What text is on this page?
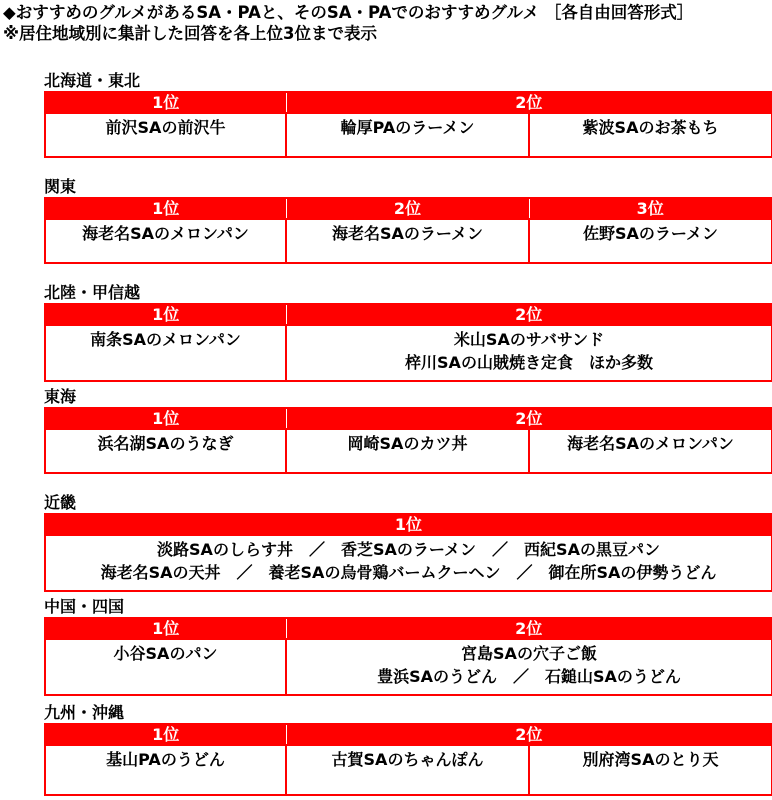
◆おすすめのグルメがあるSA・PAと、そのSA・PAでのおすすめグルメ ［各自由回答形式］
※居住地域別に集計した回答を各上位3位まで表示
北海道・東北
1位	2位	

前沢SAの前沢牛	輪厚PAのラーメン	紫波SAのお茶もち
関東
1位	2位	3位

海老名SAのメロンパン	海老名SAのラーメン	佐野SAのラーメン
北陸・甲信越
1位	2位

南条SAのメロンパン	米山SAのサバサンド
梓川SAの山賊焼き定食　ほか多数
東海
1位	2位	

浜名湖SAのうなぎ	岡崎SAのカツ丼	海老名SAのメロンパン
近畿
1位

淡路SAのしらす丼　／　香芝SAのラーメン　／　西紀SAの黒豆パン
海老名SAの天丼　／　養老SAの烏骨鶏バームクーヘン　／　御在所SAの伊勢うどん
中国・四国
1位	2位

小谷SAのパン	宮島SAの穴子ご飯
豊浜SAのうどん　／　石鎚山SAのうどん
九州・沖縄
1位	2位	

基山PAのうどん	古賀SAのちゃんぽん	別府湾SAのとり天
